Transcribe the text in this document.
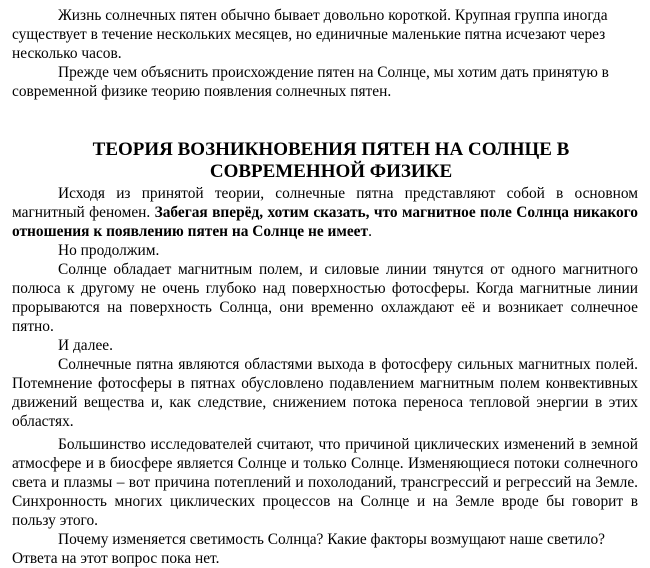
Жизнь солнечных пятен обычно бывает довольно короткой. Крупная группа иногда существует в течение нескольких месяцев, но единичные маленькие пятна исчезают через несколько часов.

Прежде чем объяснить происхождение пятен на Солнце, мы хотим дать принятую в современной физике теорию появления солнечных пятен.

ТЕОРИЯ ВОЗНИКНОВЕНИЯ ПЯТЕН НА СОЛНЦЕ В
СОВРЕМЕННОЙ ФИЗИКЕ

Исходя из принятой теории, солнечные пятна представляют собой в основном магнитный феномен. Забегая вперёд, хотим сказать, что магнитное поле Солнца никакого отношения к появлению пятен на Солнце не имеет.

Но продолжим.

Солнце обладает магнитным полем, и силовые линии тянутся от одного магнитного полюса к другому не очень глубоко над поверхностью фотосферы. Когда магнитные линии прорываются на поверхность Солнца, они временно охлаждают её и возникает солнечное пятно.

И далее.

Солнечные пятна являются областями выхода в фотосферу сильных магнитных полей. Потемнение фотосферы в пятнах обусловлено подавлением магнитным полем конвективных движений вещества и, как следствие, снижением потока переноса тепловой энергии в этих областях.

Большинство исследователей считают, что причиной циклических изменений в земной атмосфере и в биосфере является Солнце и только Солнце. Изменяющиеся потоки солнечного света и плазмы – вот причина потеплений и похолоданий, трансгрессий и регрессий на Земле. Синхронность многих циклических процессов на Солнце и на Земле вроде бы говорит в пользу этого.

Почему изменяется светимость Солнца? Какие факторы возмущают наше светило? Ответа на этот вопрос пока нет.
